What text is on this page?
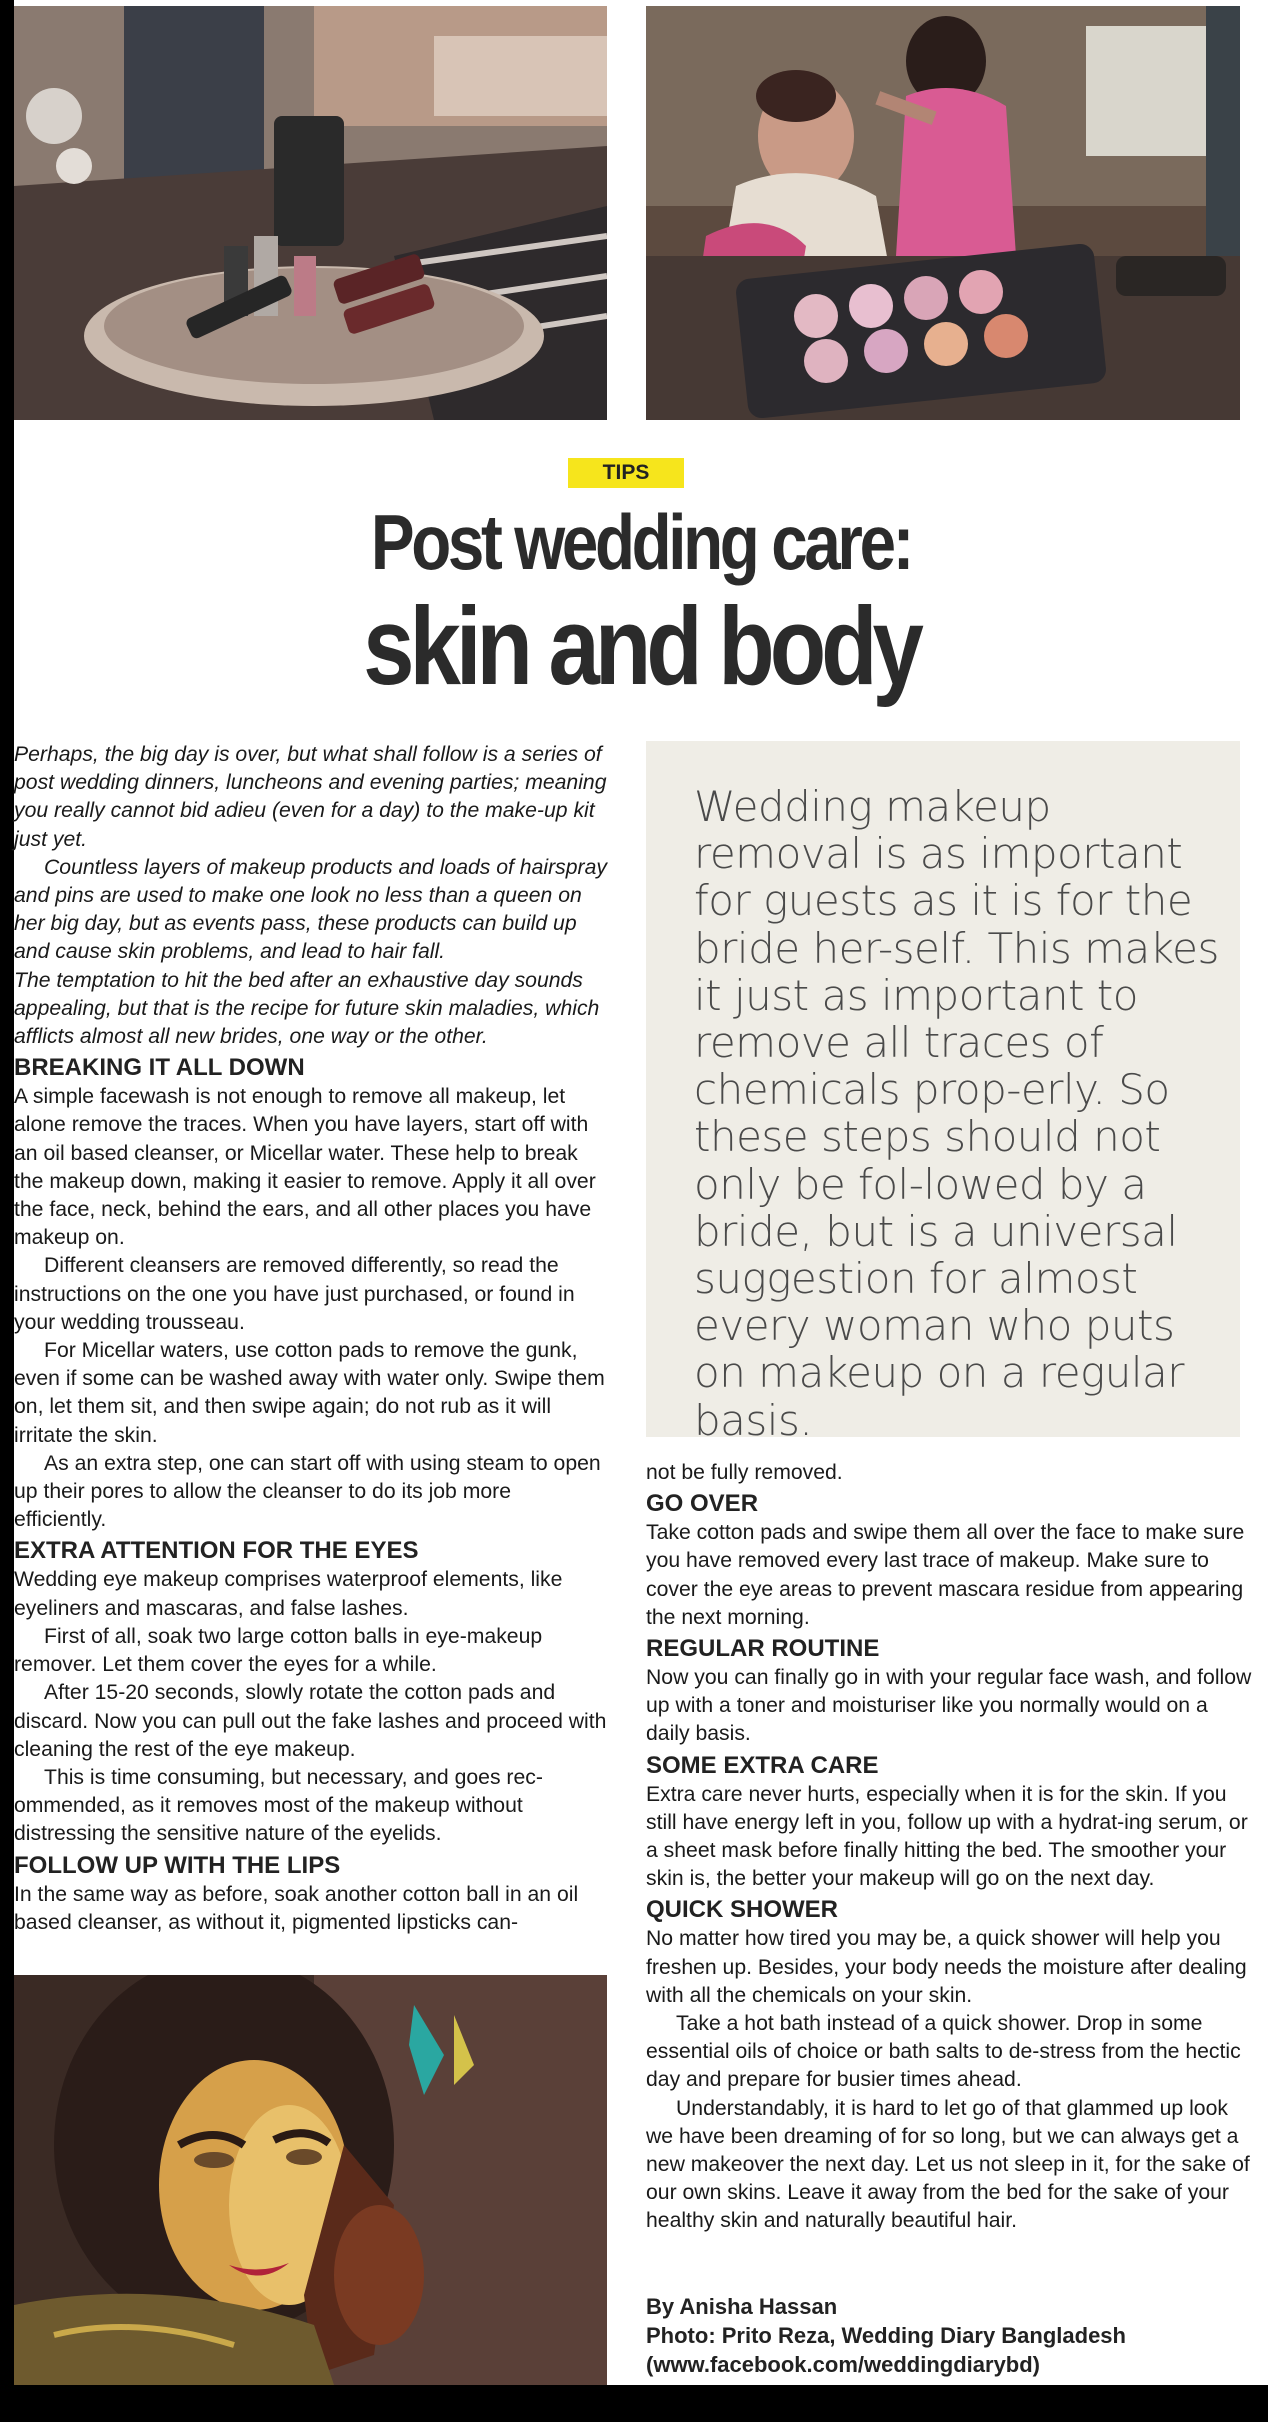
TIPS
Post wedding care:
skin and body

Perhaps, the big day is over, but what shall follow is a series of post wedding dinners, luncheons and evening parties; meaning you really cannot bid adieu (even for a day) to the make-up kit just yet.

Countless layers of makeup products and loads of hairspray and pins are used to make one look no less than a queen on her big day, but as events pass, these products can build up and cause skin problems, and lead to hair fall.

The temptation to hit the bed after an exhaustive day sounds appealing, but that is the recipe for future skin maladies, which afflicts almost all new brides, one way or the other.

BREAKING IT ALL DOWN

A simple facewash is not enough to remove all makeup, let alone remove the traces. When you have layers, start off with an oil based cleanser, or Micellar water. These help to break the makeup down, making it easier to remove. Apply it all over the face, neck, behind the ears, and all other places you have makeup on.

Different cleansers are removed differently, so read the instructions on the one you have just purchased, or found in your wedding trousseau.

For Micellar waters, use cotton pads to remove the gunk, even if some can be washed away with water only. Swipe them on, let them sit, and then swipe again; do not rub as it will irritate the skin.

As an extra step, one can start off with using steam to open up their pores to allow the cleanser to do its job more efficiently.

EXTRA ATTENTION FOR THE EYES

Wedding eye makeup comprises waterproof elements, like eyeliners and mascaras, and false lashes.

First of all, soak two large cotton balls in eye-makeup remover. Let them cover the eyes for a while.

After 15-20 seconds, slowly rotate the cotton pads and discard. Now you can pull out the fake lashes and proceed with cleaning the rest of the eye makeup.

This is time consuming, but necessary, and goes rec-ommended, as it removes most of the makeup without distressing the sensitive nature of the eyelids.

FOLLOW UP WITH THE LIPS

In the same way as before, soak another cotton ball in an oil based cleanser, as without it, pigmented lipsticks can-

Wedding makeup removal is as important for guests as it is for the bride her-self. This makes it just as important to remove all traces of chemicals prop-erly. So these steps should not only be fol-lowed by a bride, but is a universal suggestion for almost every woman who puts on makeup on a regular basis.

not be fully removed.

GO OVER

Take cotton pads and swipe them all over the face to make sure you have removed every last trace of makeup. Make sure to cover the eye areas to prevent mascara residue from appearing the next morning.

REGULAR ROUTINE

Now you can finally go in with your regular face wash, and follow up with a toner and moisturiser like you normally would on a daily basis.

SOME EXTRA CARE

Extra care never hurts, especially when it is for the skin. If you still have energy left in you, follow up with a hydrat-ing serum, or a sheet mask before finally hitting the bed. The smoother your skin is, the better your makeup will go on the next day.

QUICK SHOWER

No matter how tired you may be, a quick shower will help you freshen up. Besides, your body needs the moisture after dealing with all the chemicals on your skin.

Take a hot bath instead of a quick shower. Drop in some essential oils of choice or bath salts to de-stress from the hectic day and prepare for busier times ahead.

Understandably, it is hard to let go of that glammed up look we have been dreaming of for so long, but we can always get a new makeover the next day. Let us not sleep in it, for the sake of our own skins. Leave it away from the bed for the sake of your healthy skin and naturally beautiful hair.

By Anisha Hassan

Photo: Prito Reza, Wedding Diary Bangladesh

(www.facebook.com/weddingdiarybd)
